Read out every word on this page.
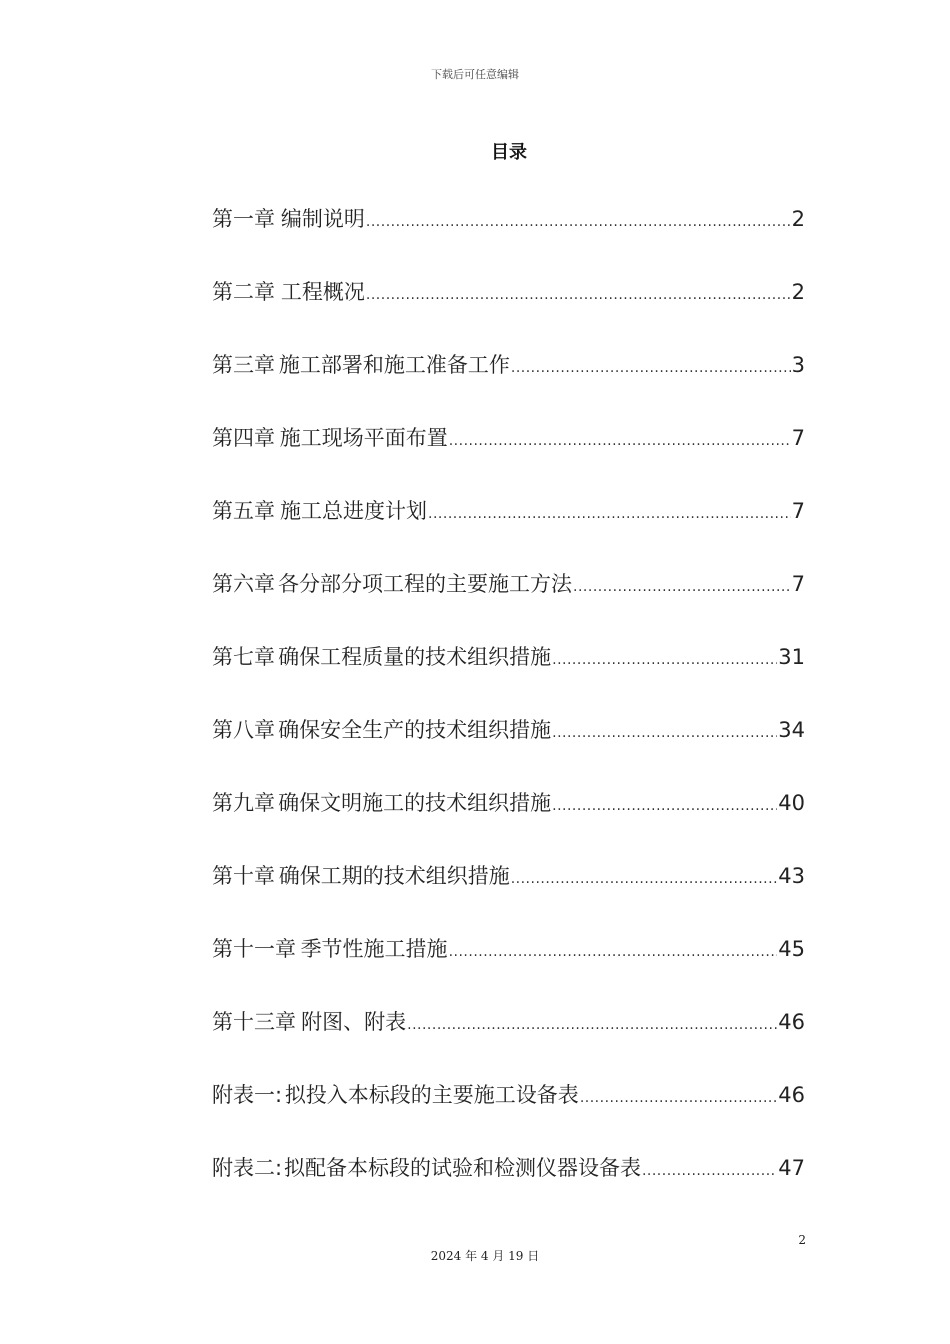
下载后可任意编辑
目录
第一章 编制说明 .....	2
第二章 工程概况 .....	2
第三章 施工部署和施工准备工作 .....	3
第四章 施工现场平面布置 .....	7
第五章 施工总进度计划 .....	7
第六章 各分部分项工程的主要施工方法 .....	7
第七章 确保工程质量的技术组织措施 .....	31
第八章 确保安全生产的技术组织措施 .....	34
第九章 确保文明施工的技术组织措施 .....	40
第十章 确保工期的技术组织措施 .....	43
第十一章 季节性施工措施 .....	45
第十三章 附图、附表 .....	46
附表一: 拟投入本标段的主要施工设备表 .....	46
附表二: 拟配备本标段的试验和检测仪器设备表 .....	47
2
2024 年 4 月 19 日
